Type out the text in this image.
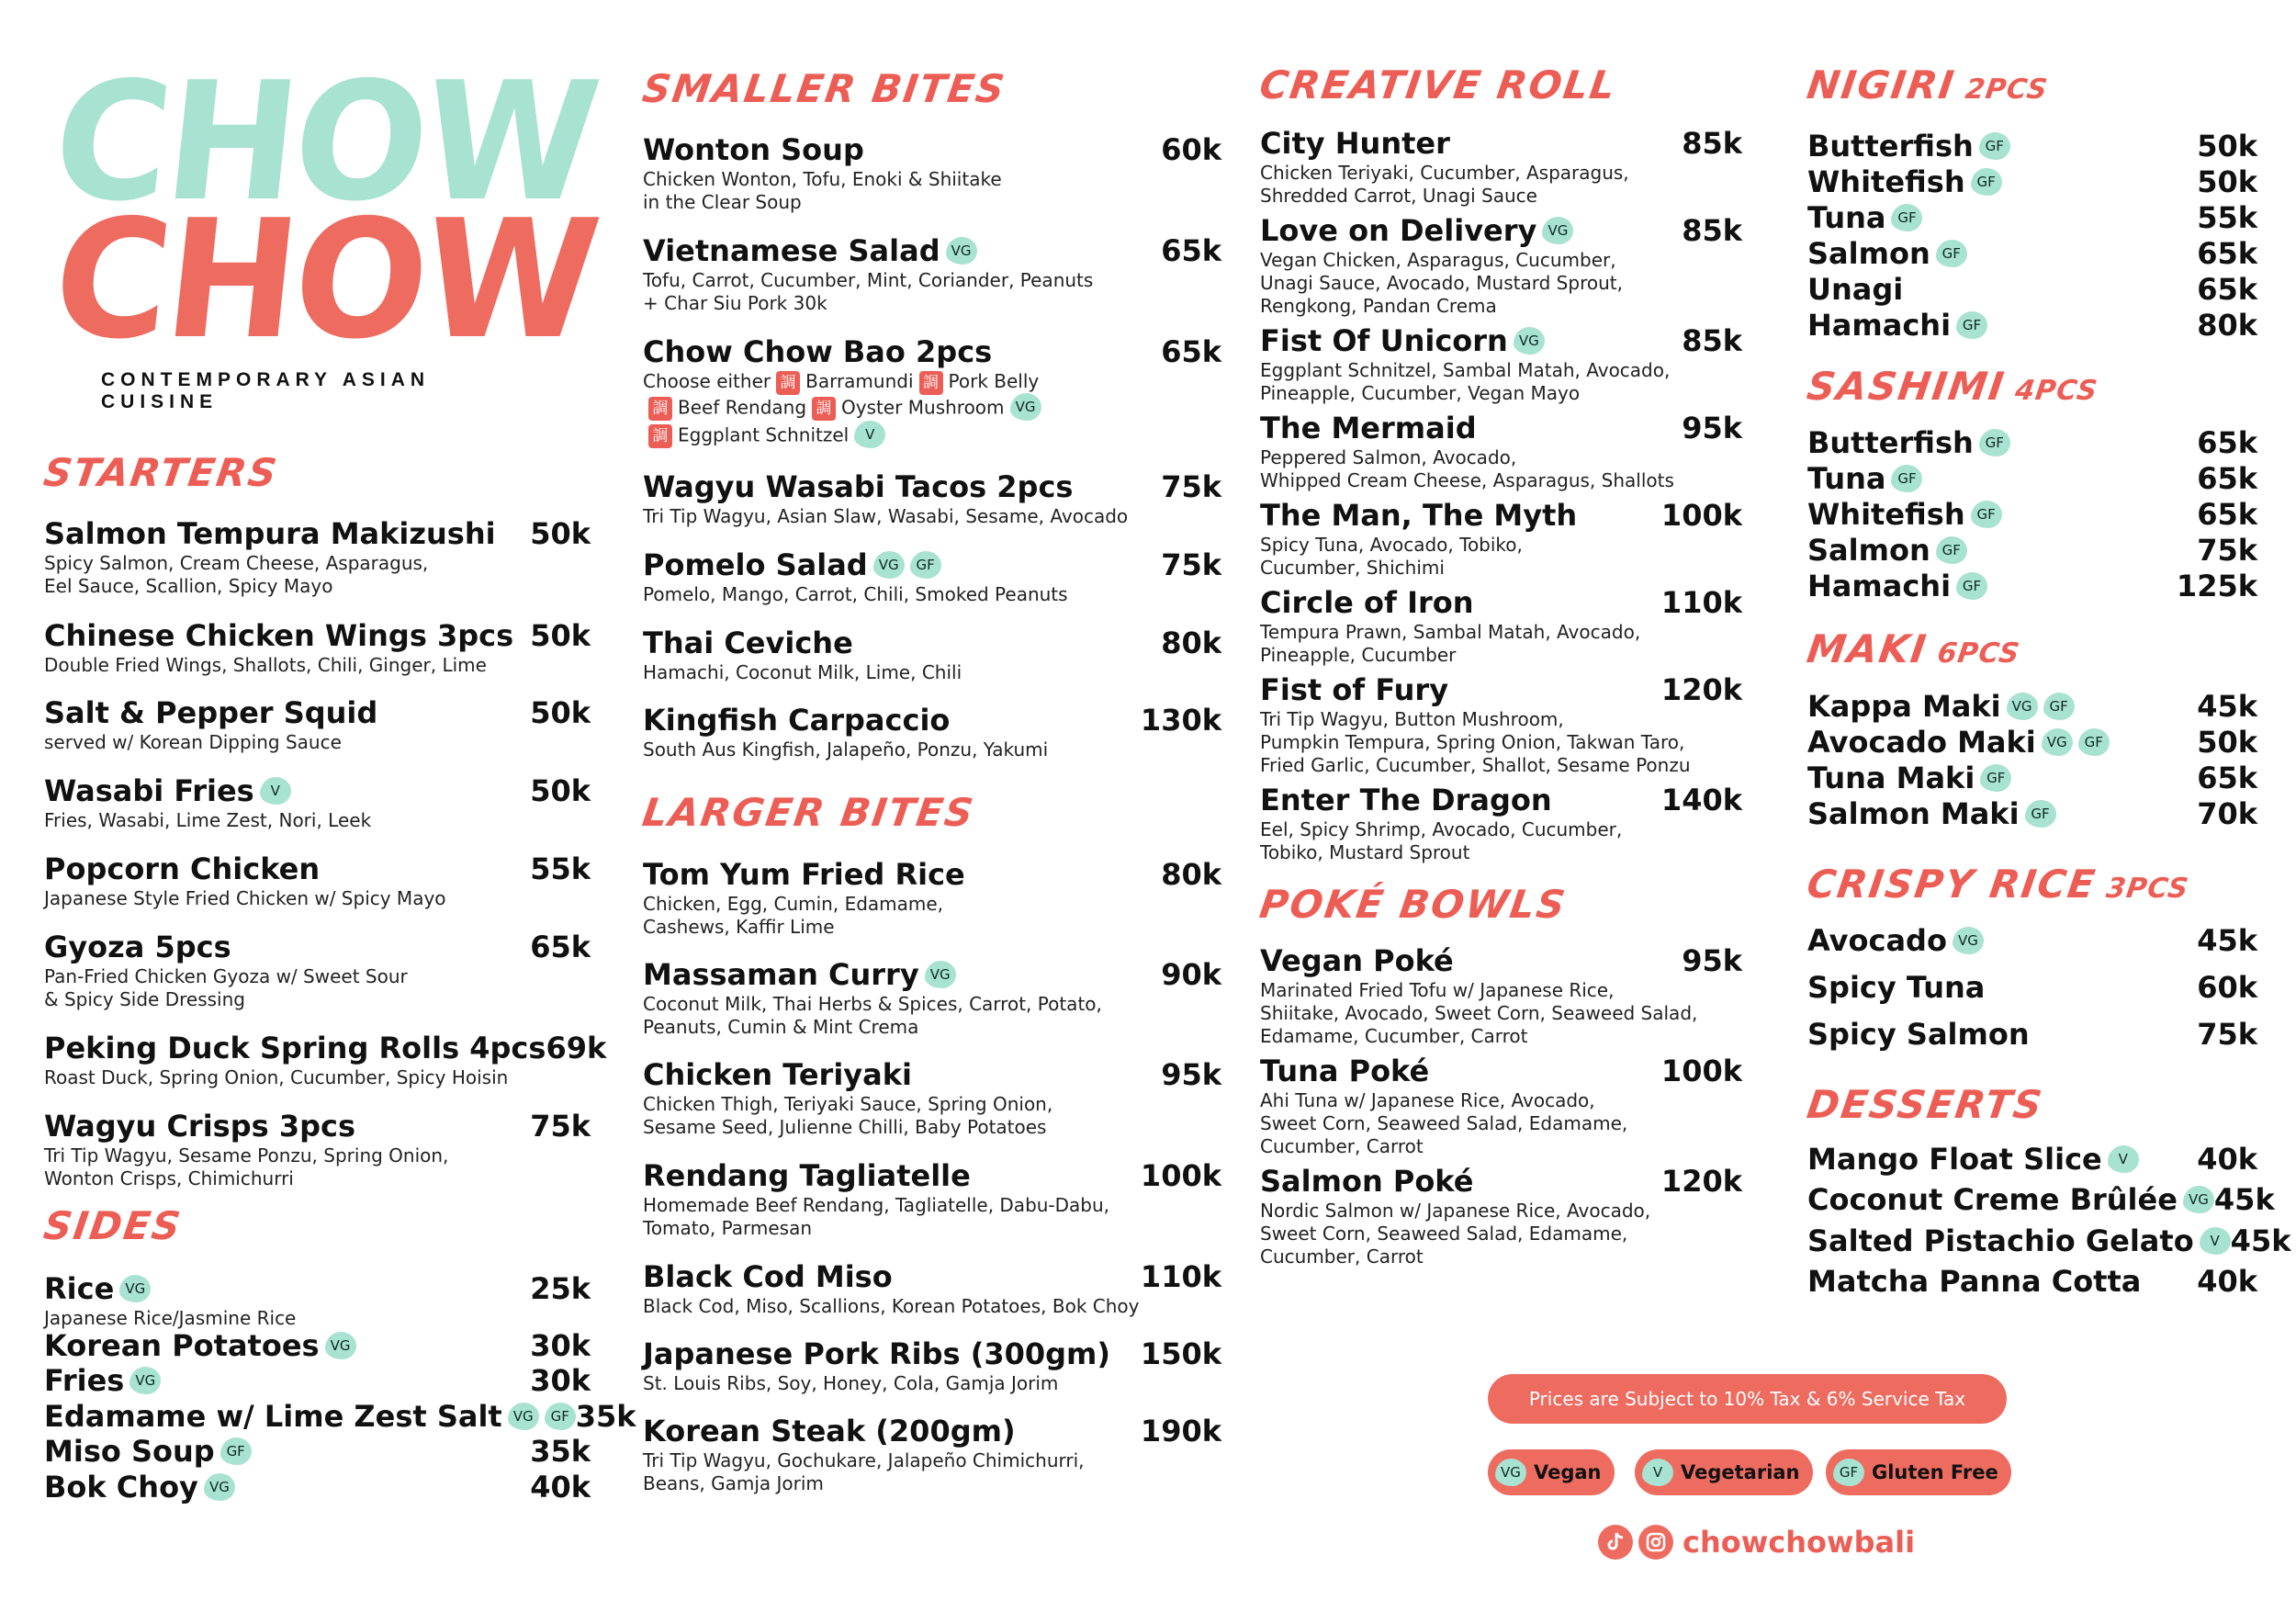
CHOW
CHOW
CONTEMPORARY ASIAN CUISINE
STARTERS
Salmon Tempura Makizushi 50k
Spicy Salmon, Cream Cheese, Asparagus,
Eel Sauce, Scallion, Spicy Mayo
Chinese Chicken Wings 3pcs 50k
Double Fried Wings, Shallots, Chili, Ginger, Lime
Salt & Pepper Squid	50k
served w/ Korean Dipping Sauce
Wasabi Fries V	50k
Fries, Wasabi, Lime Zest, Nori, Leek
Popcorn Chicken	55k
Japanese Style Fried Chicken w/ Spicy Mayo
Gyoza 5pcs	65k
Pan-Fried Chicken Gyoza w/ Sweet Sour
& Spicy Side Dressing
Peking Duck Spring Rolls 4pcs 69k
Roast Duck, Spring Onion, Cucumber, Spicy Hoisin
Wagyu Crisps 3pcs	75k
Tri Tip Wagyu, Sesame Ponzu, Spring Onion,
Wonton Crisps, Chimichurri
SIDES
Rice VG	25k
Japanese Rice/Jasmine Rice
Korean Potatoes VG	30k
Fries VG	30k
Edamame w/ Lime Zest Salt VG GF 35k
Miso Soup GF	35k
Bok Choy VG	40k
SMALLER BITES
Wonton Soup	60k
Chicken Wonton, Tofu, Enoki & Shiitake
in the Clear Soup
Vietnamese Salad VG	65k
Tofu, Carrot, Cucumber, Mint, Coriander, Peanuts
+ Char Siu Pork 30k
Chow Chow Bao 2pcs	65k
Choose either 調 Barramundi 調 Pork Belly
調 Beef Rendang 調 Oyster Mushroom VG
調 Eggplant Schnitzel V
Wagyu Wasabi Tacos 2pcs	75k
Tri Tip Wagyu, Asian Slaw, Wasabi, Sesame, Avocado
Pomelo Salad VG GF	75k
Pomelo, Mango, Carrot, Chili, Smoked Peanuts
Thai Ceviche	80k
Hamachi, Coconut Milk, Lime, Chili
Kingfish Carpaccio	130k
South Aus Kingfish, Jalapeño, Ponzu, Yakumi
LARGER BITES
Tom Yum Fried Rice	80k
Chicken, Egg, Cumin, Edamame,
Cashews, Kaffir Lime
Massaman Curry VG	90k
Coconut Milk, Thai Herbs & Spices, Carrot, Potato,
Peanuts, Cumin & Mint Crema
Chicken Teriyaki	95k
Chicken Thigh, Teriyaki Sauce, Spring Onion,
Sesame Seed, Julienne Chilli, Baby Potatoes
Rendang Tagliatelle	100k
Homemade Beef Rendang, Tagliatelle, Dabu-Dabu,
Tomato, Parmesan
Black Cod Miso	110k
Black Cod, Miso, Scallions, Korean Potatoes, Bok Choy
Japanese Pork Ribs (300gm) 150k
St. Louis Ribs, Soy, Honey, Cola, Gamja Jorim
Korean Steak (200gm)	190k
Tri Tip Wagyu, Gochukare, Jalapeño Chimichurri,
Beans, Gamja Jorim
CREATIVE ROLL
City Hunter	85k
Chicken Teriyaki, Cucumber, Asparagus,
Shredded Carrot, Unagi Sauce
Love on Delivery VG	85k
Vegan Chicken, Asparagus, Cucumber,
Unagi Sauce, Avocado, Mustard Sprout,
Rengkong, Pandan Crema
Fist Of Unicorn VG	85k
Eggplant Schnitzel, Sambal Matah, Avocado,
Pineapple, Cucumber, Vegan Mayo
The Mermaid	95k
Peppered Salmon, Avocado,
Whipped Cream Cheese, Asparagus, Shallots
The Man, The Myth	100k
Spicy Tuna, Avocado, Tobiko,
Cucumber, Shichimi
Circle of Iron	110k
Tempura Prawn, Sambal Matah, Avocado,
Pineapple, Cucumber
Fist of Fury	120k
Tri Tip Wagyu, Button Mushroom,
Pumpkin Tempura, Spring Onion, Takwan Taro,
Fried Garlic, Cucumber, Shallot, Sesame Ponzu
Enter The Dragon	140k
Eel, Spicy Shrimp, Avocado, Cucumber,
Tobiko, Mustard Sprout
POKÉ BOWLS
Vegan Poké	95k
Marinated Fried Tofu w/ Japanese Rice,
Shiitake, Avocado, Sweet Corn, Seaweed Salad,
Edamame, Cucumber, Carrot
Tuna Poké	100k
Ahi Tuna w/ Japanese Rice, Avocado,
Sweet Corn, Seaweed Salad, Edamame,
Cucumber, Carrot
Salmon Poké	120k
Nordic Salmon w/ Japanese Rice, Avocado,
Sweet Corn, Seaweed Salad, Edamame,
Cucumber, Carrot
NIGIRI 2PCS
Butterfish GF	50k
Whitefish GF	50k
Tuna GF	55k
Salmon GF	65k
Unagi	65k
Hamachi GF	80k
SASHIMI 4PCS
Butterfish GF	65k
Tuna GF	65k
Whitefish GF	65k
Salmon GF	75k
Hamachi GF	125k
MAKI 6PCS
Kappa Maki VG GF	45k
Avocado Maki VG GF	50k
Tuna Maki GF	65k
Salmon Maki GF	70k
CRISPY RICE 3PCS
Avocado VG	45k
Spicy Tuna	60k
Spicy Salmon	75k
DESSERTS
Mango Float Slice V	40k
Coconut Creme Brûlée VG 45k
Salted Pistachio Gelato V 45k
Matcha Panna Cotta 40k
Prices are Subject to 10% Tax & 6% Service Tax
VG Vegan	V Vegetarian	GF Gluten Free
chowchowbali
